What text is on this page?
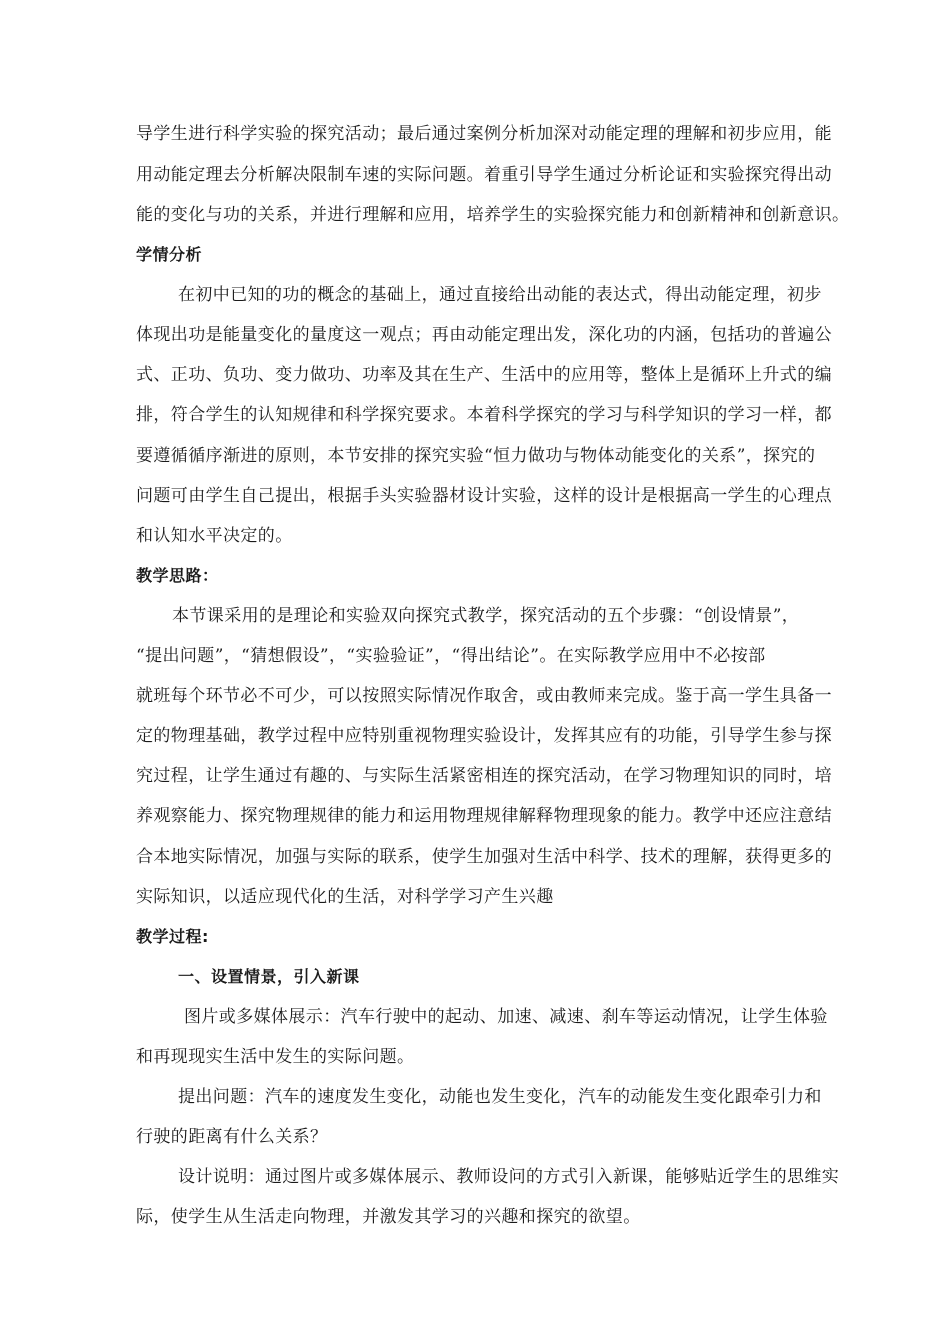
导学生进行科学实验的探究活动；最后通过案例分析加深对动能定理的理解和初步应用，能
用动能定理去分析解决限制车速的实际问题。着重引导学生通过分析论证和实验探究得出动
能的变化与功的关系，并进行理解和应用，培养学生的实验探究能力和创新精神和创新意识。
学情分析
在初中已知的功的概念的基础上，通过直接给出动能的表达式，得出动能定理，初步
体现出功是能量变化的量度这一观点；再由动能定理出发，深化功的内涵，包括功的普遍公
式、正功、负功、变力做功、功率及其在生产、生活中的应用等，整体上是循环上升式的编
排，符合学生的认知规律和科学探究要求。本着科学探究的学习与科学知识的学习一样，都
要遵循循序渐进的原则，本节安排的探究实验“恒力做功与物体动能变化的关系”，探究的
问题可由学生自己提出，根据手头实验器材设计实验，这样的设计是根据高一学生的心理点
和认知水平决定的。
教学思路：
本节课采用的是理论和实验双向探究式教学，探究活动的五个步骤：“创设情景”，
“提出问题”，“猜想假设”，“实验验证”，“得出结论”。在实际教学应用中不必按部
就班每个环节必不可少，可以按照实际情况作取舍，或由教师来完成。鉴于高一学生具备一
定的物理基础，教学过程中应特别重视物理实验设计，发挥其应有的功能，引导学生参与探
究过程，让学生通过有趣的、与实际生活紧密相连的探究活动，在学习物理知识的同时，培
养观察能力、探究物理规律的能力和运用物理规律解释物理现象的能力。教学中还应注意结
合本地实际情况，加强与实际的联系，使学生加强对生活中科学、技术的理解，获得更多的
实际知识，以适应现代化的生活，对科学学习产生兴趣
教学过程:
一、设置情景，引入新课
图片或多媒体展示：汽车行驶中的起动、加速、减速、刹车等运动情况，让学生体验
和再现现实生活中发生的实际问题。
提出问题：汽车的速度发生变化，动能也发生变化，汽车的动能发生变化跟牵引力和
行驶的距离有什么关系？
设计说明：通过图片或多媒体展示、教师设问的方式引入新课，能够贴近学生的思维实
际，使学生从生活走向物理，并激发其学习的兴趣和探究的欲望。
